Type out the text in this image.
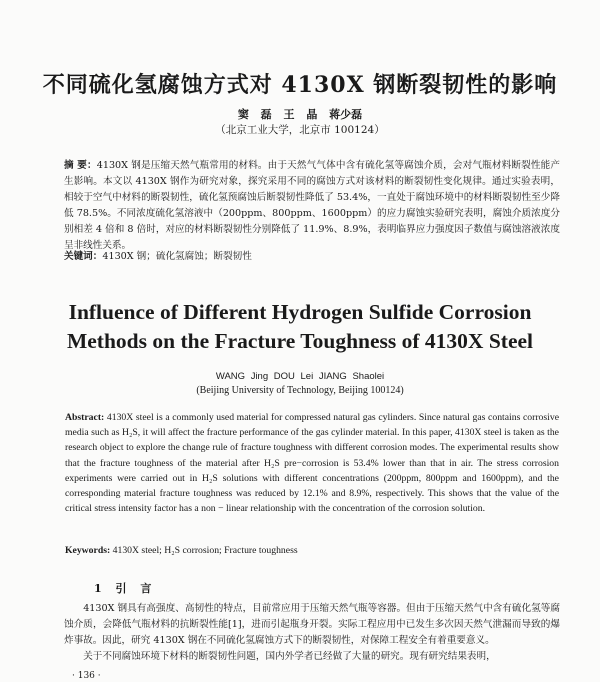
不同硫化氢腐蚀方式对 4130X 钢断裂韧性的影响
窦 磊 王 晶 蒋少磊
（北京工业大学，北京市 100124）
摘 要：4130X 钢是压缩天然气瓶常用的材料。由于天然气气体中含有硫化氢等腐蚀介质，会对气瓶材料断裂性能产生影响。本文以 4130X 钢作为研究对象，探究采用不同的腐蚀方式对该材料的断裂韧性变化规律。通过实验表明，相较于空气中材料的断裂韧性，硫化氢预腐蚀后断裂韧性降低了 53.4%，一直处于腐蚀环境中的材料断裂韧性至少降低 78.5%。不同浓度硫化氢溶液中（200ppm、800ppm、1600ppm）的应力腐蚀实验研究表明，腐蚀介质浓度分别相差 4 倍和 8 倍时，对应的材料断裂韧性分别降低了 11.9%、8.9%，表明临界应力强度因子数值与腐蚀溶液浓度呈非线性关系。
关键词：4130X 钢；硫化氢腐蚀；断裂韧性
Influence of Different Hydrogen Sulfide Corrosion
Methods on the Fracture Toughness of 4130X Steel
WANG Jing DOU Lei JIANG Shaolei
(Beijing University of Technology, Beijing 100124)
Abstract: 4130X steel is a commonly used material for compressed natural gas cylinders. Since natural gas contains corrosive media such as H₂S, it will affect the fracture performance of the gas cylinder material. In this paper, 4130X steel is taken as the research object to explore the change rule of fracture toughness with different corrosion modes. The experimental results show that the fracture toughness of the material after H₂S pre−corrosion is 53.4% lower than that in air. The stress corrosion experiments were carried out in H₂S solutions with different concentrations (200ppm, 800ppm and 1600ppm), and the corresponding material fracture toughness was reduced by 12.1% and 8.9%, respectively. This shows that the value of the critical stress intensity factor has a non − linear relationship with the concentration of the corrosion solution.
Keywords: 4130X steel; H₂S corrosion; Fracture toughness
1 引 言

4130X 钢具有高强度、高韧性的特点，目前常应用于压缩天然气瓶等容器。但由于压缩天然气中含有硫化氢等腐蚀介质，会降低气瓶材料的抗断裂性能[1]，进而引起瓶身开裂。实际工程应用中已发生多次因天然气泄漏而导致的爆炸事故。因此，研究 4130X 钢在不同硫化氢腐蚀方式下的断裂韧性，对保障工程安全有着重要意义。

关于不同腐蚀环境下材料的断裂韧性问题，国内外学者已经做了大量的研究。现有研究结果表明，

· 136 ·
